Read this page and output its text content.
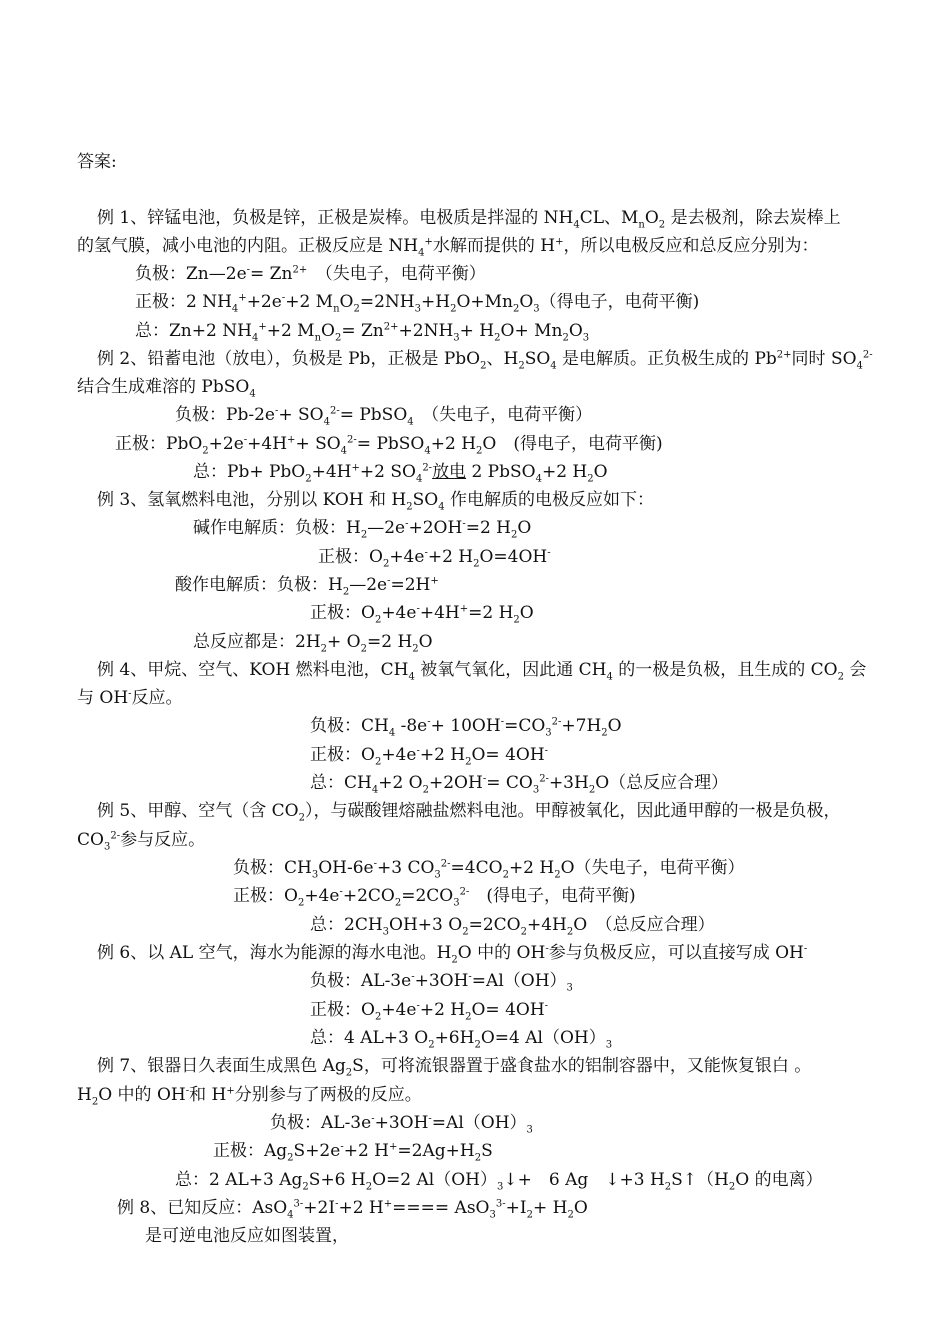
答案:
例 1、锌锰电池，负极是锌，正极是炭棒。电极质是拌湿的 $NH_4CL$、$M_nO_2$ 是去极剂，除去炭棒上
的氢气膜，减小电池的内阻。正极反应是 $NH_4^+$水解而提供的 H+，所以电极反应和总反应分别为：
负极：Zn—2e-= $Zn^{2+}$　（失电子，电荷平衡）
正极：2 $NH_4^++2e^-+2$ $M_nO_2=2NH_3+H_2O+Mn_2O_3$（得电子，电荷平衡)
总：Zn+2 $NH_4^++2$ $M_nO_2= Zn^{2+}+2NH_3+ H_2O+ Mn_2O_3$
例 2、铅蓄电池（放电），负极是 Pb，正极是 PbO$_2$、$H_2SO_4$ 是电解质。正负极生成的 $Pb^{2+}$同时 $SO_4^{2-}$
结合生成难溶的 PbSO$_4$
负极：$Pb-2e^-+ SO_4^{2-}=$ PbSO$_4$　（失电子，电荷平衡）
正极：$PbO_2+2e^-+4H^++ SO_4^{2-}=$ PbSO$_4$+2 $H_2O$　(得电子，电荷平衡)
总：Pb+ PbO$_2$+4H++2 $SO_4^{2-}$放电 2 PbSO$_4$+2 $H_2O$
例 3、氢氧燃料电池，分别以 KOH 和 $H_2SO_4$ 作电解质的电极反应如下：
碱作电解质：负极：$H_2—2e^-+2OH^-=2$ $H_2O$
正极：$O_2+4e^-+2$ $H_2O=4OH^-$
酸作电解质：负极：$H_2—2e^-=2H^+$
正极：$O_2+4e^-+4H^+=2$ $H_2O$
总反应都是：$2H_2+ O_2=2$ $H_2O$
例 4、甲烷、空气、KOH 燃料电池，$CH_4$ 被氧气氧化，因此通 $CH_4$ 的一极是负极，且生成的 $CO_2$ 会
与 OH-反应。
负极：$CH_4$ $-8e^-+ 10OH^-=CO_3^{2-}+7H_2O$
正极：$O_2+4e^-+2$ $H_2O= 4OH^-$
总：$CH_4+2$ $O_2+2OH^-= CO_3^{2-}+3H_2O$（总反应合理）
例 5、甲醇、空气（含 $CO_2$），与碳酸锂熔融盐燃料电池。甲醇被氧化，因此通甲醇的一极是负极，
$CO_3^{2-}$参与反应。
负极：$CH_3OH-6e^-+3$ $CO_3^{2-}=4CO_2+2$ $H_2O$（失电子，电荷平衡）
正极：$O_2+4e^-+2CO_2=2CO_3^{2-}$　(得电子，电荷平衡)
总：$2CH_3OH+3$ $O_2=2CO_2+4H_2O$　（总反应合理）
例 6、以 AL 空气，海水为能源的海水电池。$H_2O$ 中的 OH-参与负极反应，可以直接写成 OH-
负极：$AL-3e^-+3OH^-=Al(OH)_3$
正极：$O_2+4e^-+2$ $H_2O= 4OH^-$
总：4 AL+3 $O_2+6H_2O=4$ $Al(OH)_3$
例 7、银器日久表面生成黑色 $Ag_2S$，可将流银器置于盛食盐水的铝制容器中，又能恢复银白 。
$H_2O$ 中的 OH-和 H+分别参与了两极的反应。
负极：$AL-3e^-+3OH^-=Al(OH)_3$
正极：$Ag_2S+2e^-+2$ $H^+=2Ag+H_2S$
总：2 AL+3 $Ag_2S+6$ $H_2O=2$ $Al(OH)_3↓+$　6 Ag　↓+3 $H_2S↑(H_2O$ 的电离）
例 8、已知反应：AsO$_4^{3-}$+2I-+2 $H^+==== AsO_3^{3-}+I_2+ H_2O$
是可逆电池反应如图装置，
